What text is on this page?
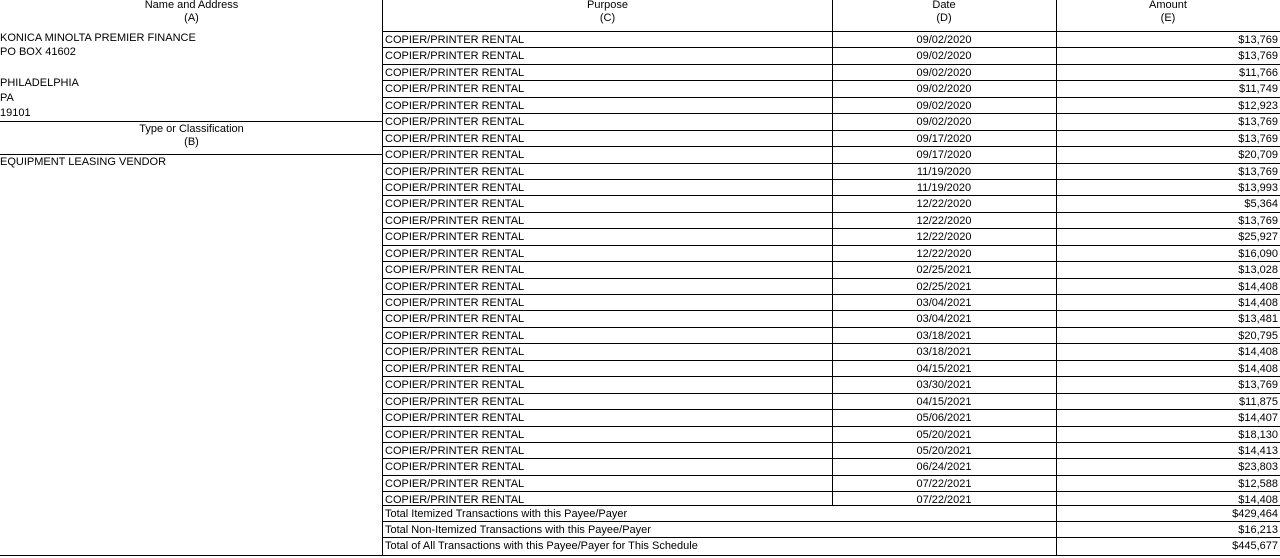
Name and Address
(A)
Purpose
(C)
Date
(D)
Amount
(E)
KONICA MINOLTA PREMIER FINANCE
PO BOX 41602
PHILADELPHIA
PA
19101
Type or Classification
(B)
EQUIPMENT LEASING VENDOR
COPIER/PRINTER RENTAL	09/02/2020	$13,769
COPIER/PRINTER RENTAL	09/02/2020	$13,769
COPIER/PRINTER RENTAL	09/02/2020	$11,766
COPIER/PRINTER RENTAL	09/02/2020	$11,749
COPIER/PRINTER RENTAL	09/02/2020	$12,923
COPIER/PRINTER RENTAL	09/02/2020	$13,769
COPIER/PRINTER RENTAL	09/17/2020	$13,769
COPIER/PRINTER RENTAL	09/17/2020	$20,709
COPIER/PRINTER RENTAL	11/19/2020	$13,769
COPIER/PRINTER RENTAL	11/19/2020	$13,993
COPIER/PRINTER RENTAL	12/22/2020	$5,364
COPIER/PRINTER RENTAL	12/22/2020	$13,769
COPIER/PRINTER RENTAL	12/22/2020	$25,927
COPIER/PRINTER RENTAL	12/22/2020	$16,090
COPIER/PRINTER RENTAL	02/25/2021	$13,028
COPIER/PRINTER RENTAL	02/25/2021	$14,408
COPIER/PRINTER RENTAL	03/04/2021	$14,408
COPIER/PRINTER RENTAL	03/04/2021	$13,481
COPIER/PRINTER RENTAL	03/18/2021	$20,795
COPIER/PRINTER RENTAL	03/18/2021	$14,408
COPIER/PRINTER RENTAL	04/15/2021	$14,408
COPIER/PRINTER RENTAL	03/30/2021	$13,769
COPIER/PRINTER RENTAL	04/15/2021	$11,875
COPIER/PRINTER RENTAL	05/06/2021	$14,407
COPIER/PRINTER RENTAL	05/20/2021	$18,130
COPIER/PRINTER RENTAL	05/20/2021	$14,413
COPIER/PRINTER RENTAL	06/24/2021	$23,803
COPIER/PRINTER RENTAL	07/22/2021	$12,588
COPIER/PRINTER RENTAL	07/22/2021	$14,408
Total Itemized Transactions with this Payee/Payer	$429,464
Total Non-Itemized Transactions with this Payee/Payer	$16,213
Total of All Transactions with this Payee/Payer for This Schedule	$445,677
